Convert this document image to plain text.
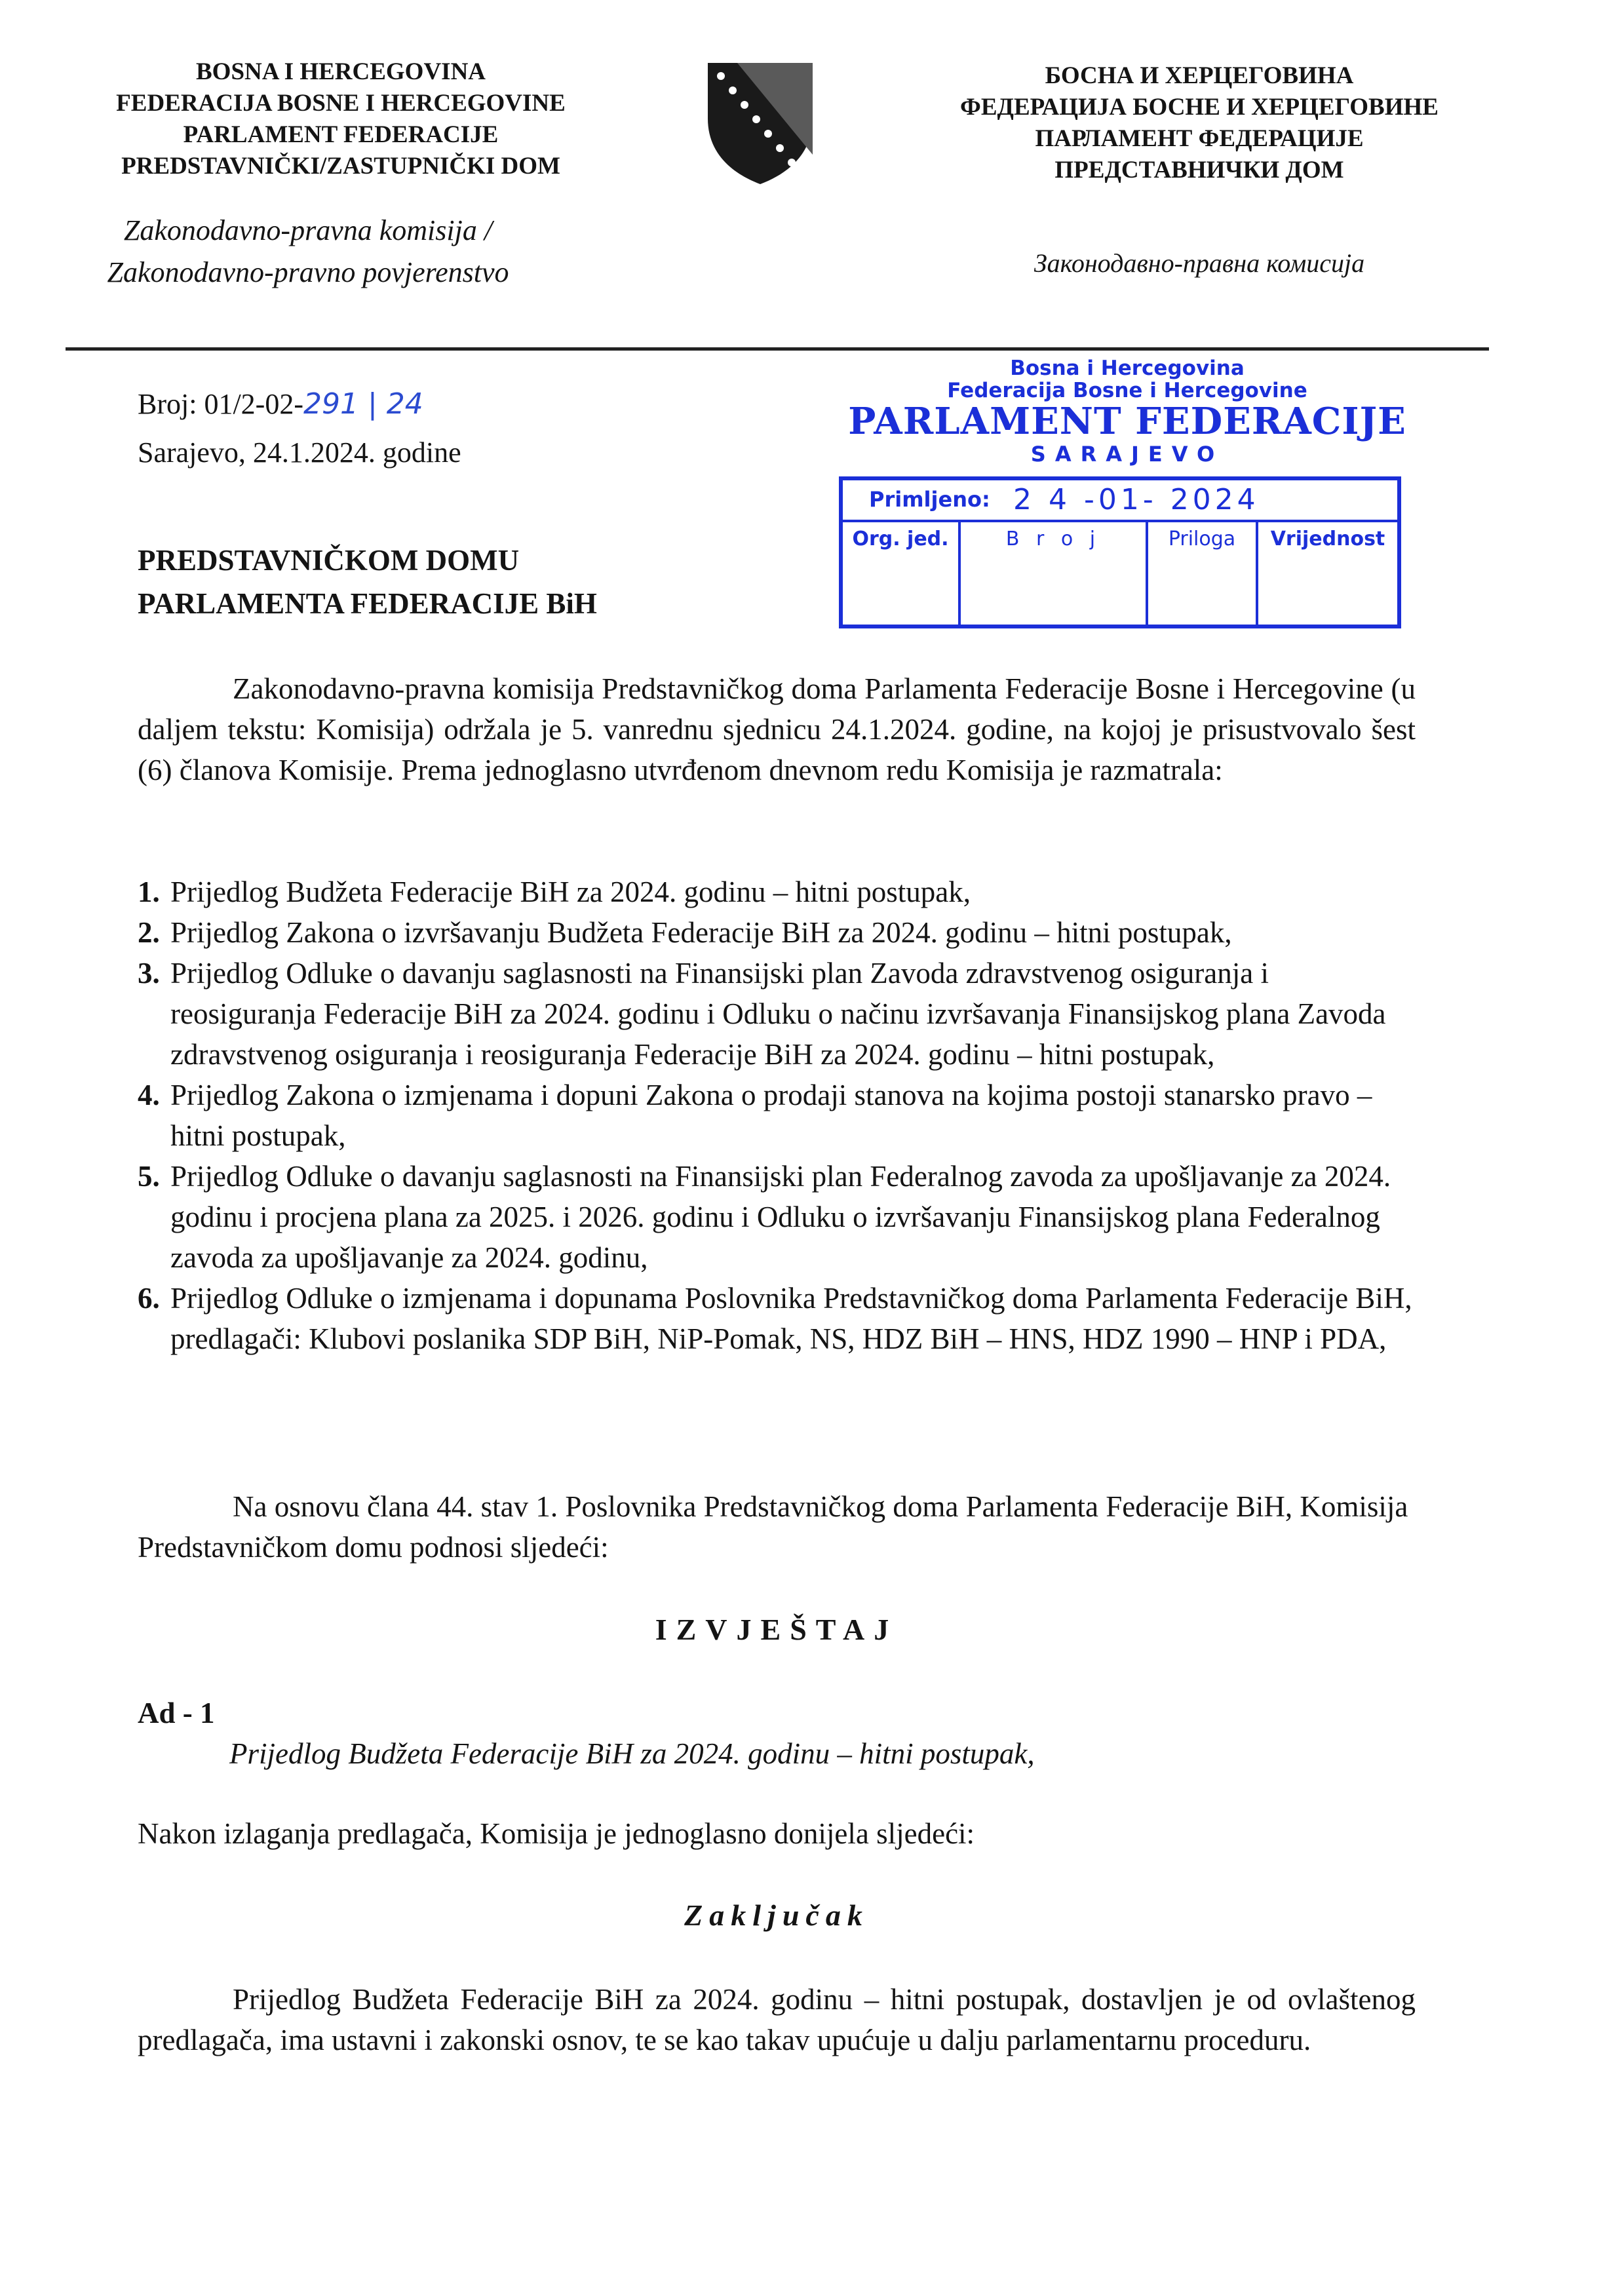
BOSNA I HERCEGOVINA
FEDERACIJA BOSNE I HERCEGOVINE
PARLAMENT FEDERACIJE
PREDSTAVNIČKI/ZASTUPNIČKI DOM
БОСНА И ХЕРЦЕГОВИНА
ФЕДЕРАЦИЈА БОСНЕ И ХЕРЦЕГОВИНЕ
ПАРЛАМЕНТ ФЕДЕРАЦИЈЕ
ПРЕДСТАВНИЧКИ ДОМ
Zakonodavno-pravna komisija /
Zakonodavno-pravno povjerenstvo	Законодавно-правна комисија
Broj: 01/2-02-291 | 24
Sarajevo, 24.1.2024. godine
Bosna i Hercegovina
Federacija Bosne i Hercegovine
PARLAMENT FEDERACIJE
SARAJEVO
Primljeno: 2 4 -01- 2024
Org. jed.	B r o j	Priloga	Vrijednost
PREDSTAVNIČKOM DOMU
PARLAMENTA FEDERACIJE BiH
Zakonodavno-pravna komisija Predstavničkog doma Parlamenta Federacije Bosne i Hercegovine (u daljem tekstu: Komisija) održala je 5. vanrednu sjednicu 24.1.2024. godine, na kojoj je prisustvovalo šest (6) članova Komisije. Prema jednoglasno utvrđenom dnevnom redu Komisija je razmatrala:
1. Prijedlog Budžeta Federacije BiH za 2024. godinu – hitni postupak,
2. Prijedlog Zakona o izvršavanju Budžeta Federacije BiH za 2024. godinu – hitni postupak,
3. Prijedlog Odluke o davanju saglasnosti na Finansijski plan Zavoda zdravstvenog osiguranja i reosiguranja Federacije BiH za 2024. godinu i Odluku o načinu izvršavanja Finansijskog plana Zavoda zdravstvenog osiguranja i reosiguranja Federacije BiH za 2024. godinu – hitni postupak,
4. Prijedlog Zakona o izmjenama i dopuni Zakona o prodaji stanova na kojima postoji stanarsko pravo – hitni postupak,
5. Prijedlog Odluke o davanju saglasnosti na Finansijski plan Federalnog zavoda za upošljavanje za 2024. godinu i procjena plana za 2025. i 2026. godinu i Odluku o izvršavanju Finansijskog plana Federalnog zavoda za upošljavanje za 2024. godinu,
6. Prijedlog Odluke o izmjenama i dopunama Poslovnika Predstavničkog doma Parlamenta Federacije BiH, predlagači: Klubovi poslanika SDP BiH, NiP-Pomak, NS, HDZ BiH – HNS, HDZ 1990 – HNP i PDA,
Na osnovu člana 44. stav 1. Poslovnika Predstavničkog doma Parlamenta Federacije BiH, Komisija Predstavničkom domu podnosi sljedeći:
IZVJEŠTAJ
Ad - 1
Prijedlog Budžeta Federacije BiH za 2024. godinu – hitni postupak,
Nakon izlaganja predlagača, Komisija je jednoglasno donijela sljedeći:
Zaključak
Prijedlog Budžeta Federacije BiH za 2024. godinu – hitni postupak, dostavljen je od ovlaštenog predlagača, ima ustavni i zakonski osnov, te se kao takav upućuje u dalju parlamentarnu proceduru.
